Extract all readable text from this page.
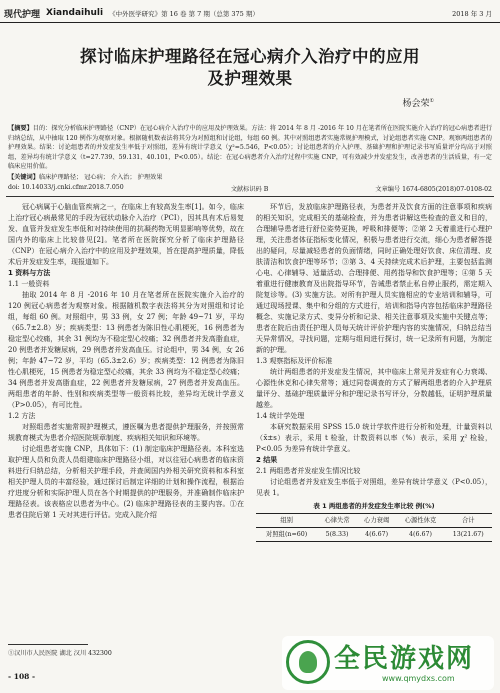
现代护理 Xiandaihuli 《中外医学研究》第 16 卷 第 7 期（总第 375 期）	2018 年 3 月
探讨临床护理路径在冠心病介入治疗中的应用
及护理效果
杨会荣①
【摘要】目的：探究分析临床护理路径（CNP）在冠心病介入治疗中的应用及护理效果。方法：将 2014 年 8 月 -2016 年 10 月在笔者所在医院实施介入治疗的冠心病患者进行归纳总结，从中抽取 120 例作为观察对象。根据随机数表法将其分为对照组和讨论组，每组 60 例。其中对照组患者实施常规护理模式，讨论组患者实施 CNP。观察两组患者的护理效果。结果：讨论组患者的并发症发生率低于对照组，差异有统计学意义（χ²=5.546，P<0.05）；讨论组患者的介入护理、基础护理和护理记录书写质量评分均高于对照组，差异均有统计学意义（t=27.739、59.131、40.101，P<0.05）。结论：在冠心病患者介入治疗过程中实施 CNP，可有效减少并发症发生，改善患者的生活质量，有一定临床应用价值。
【关键词】临床护理路径； 冠心病； 介入治； 护理效果
doi: 10.14033/j.cnki.cfmr.2018.7.050	文献标识码 B	文章编号 1674-6805(2018)07-0108-02

冠心病属于心脑血管疾病之一，在临床上有较高发生率[1]。如今，临床上治疗冠心病最常见的手段为冠状动脉介入治疗（PCI），因其具有术后易复发、血管并发症发生率低和对持续使用的抗凝药物无明显影响等优势，故在国内外的临床上比较普见[2]。笔者所在医院探究分析了临床护理路径（CNP）在冠心病介入治疗中的应用及护理效果，旨在提高护理质量，降低术后并发症发生率，现报道如下。

1 资料与方法

1.1 一般资料

抽取 2014 年 8 月 -2016 年 10 月在笔者所在医院实施介入治疗的 120 例冠心病患者为观察对象。根据随机数字表法将其分为对照组和讨论组，每组 60 例。对照组中，男 33 例，女 27 例；年龄 49~71 岁，平均（65.7±2.8）岁；疾病类型：13 例患者为陈旧性心肌梗死，16 例患者为稳定型心绞痛，其余 31 例均为不稳定型心绞痛；32 例患者并发高脂血症，20 例患者并发糖尿病，29 例患者并发高血压。讨论组中，男 34 例，女 26 例；年龄 47~72 岁，平均（65.3±2.6）岁；疾病类型：12 例患者为陈旧性心肌梗死，15 例患者为稳定型心绞痛，其余 33 例均为不稳定型心绞痛；34 例患者并发高脂血症，22 例患者并发糖尿病，27 例患者并发高血压。两组患者的年龄、性别和疾病类型等一般资料比较，差异均无统计学意义（P>0.05），有可比性。

1.2 方法

对照组患者实施常规护理模式，遵医嘱为患者提供护理服务，并按照常规教育模式为患者介绍医院规章制度、疾病相关知识和环境等。

讨论组患者实施 CNP，具体如下：(1) 制定临床护理路径表。本科室选取护理人员和负责人员组建临床护理路径小组，对以往冠心病患者的临床资料进行归纳总结，分析相关护理手段，并查阅国内外相关研究资料和本科室相关护理人员的丰富经验，通过探讨后制定详细的计划和操作流程，根据治疗进度分析和实际护理人员在各个时期提供的护理服务，并准确制作临床护理路径表。该表格应以患者为中心。(2) 临床护理路径表的主要内容。①在患者住院后第 1 天对其进行评估。完成入院介绍

环节后，发放临床护理路径表，为患者并及饮食方面的注意事项和疾病的相关知识，完成相关的基础检查，并为患者讲解这些检查的意义和目的，合理辅导患者进行舒位姿势更换，呼吸和排便等；②第 2 天着重进行心理护理，关注患者体征指标变化情况，积极与患者进行交流，细心为患者解答提出的疑问，尽量减轻患者的负面情绪，同时正确处理好饮食、床位清理、皮肤清洁和饮食护理等环节；③第 3、4 天持续完成术后护理，主要包括监测心电、心律辅导、适量活动、合理排便、用药指导和饮食护理等；④第 5 天着重进行健康教育及出院指导环节，告诫患者禁止私自停止服药，需定期入院复诊等。(3) 实施方法。对所有护理人员实施相应的专业培训和辅导，可通过现场授课、集中和分组的方式进行，培训和指导内容包括临床护理路径概念、实施记录方式、变异分析和记录、相关注意事项及实施中关键点等；患者在院后由责任护理人员每天统计评价护理内容的实施情况，归纳总结当天异常情况，寻找问题，定期与组间进行探讨，统一记录所有问题，为制定新的护理。

1.3 观察指标及评价标准

统计两组患者的并发症发生情况，其中临床上常见并发症有心力衰竭、心源性休克和心律失常等；通过同卷调查的方式了解两组患者的介入护理质量评分、基础护理质量评分和护理记录书写评分，分数越低，证明护理质量越差。

1.4 统计学处理

本研究数据采用 SPSS 15.0 统计学软件进行分析和处理，计量资料以（x̄±s）表示，采用 t 检验，计数资料以率（%）表示，采用 χ² 检验，P<0.05 为差异有统计学意义。

2 结果

2.1 两组患者并发症发生情况比较

讨论组患者并发症发生率低于对照组，差异有统计学意义（P<0.05），见表 1。

表 1 两组患者的并发症发生率比较 例(%)
组别	心律失常	心力衰竭	心源性休克	合计
对照组(n=60)	5(8.33)	4(6.67)	4(6.67)	13(21.67)
①汉川市人民医院 湖北 汉川 432300
- 108 -
全民游戏网
www.qmydxs.com
